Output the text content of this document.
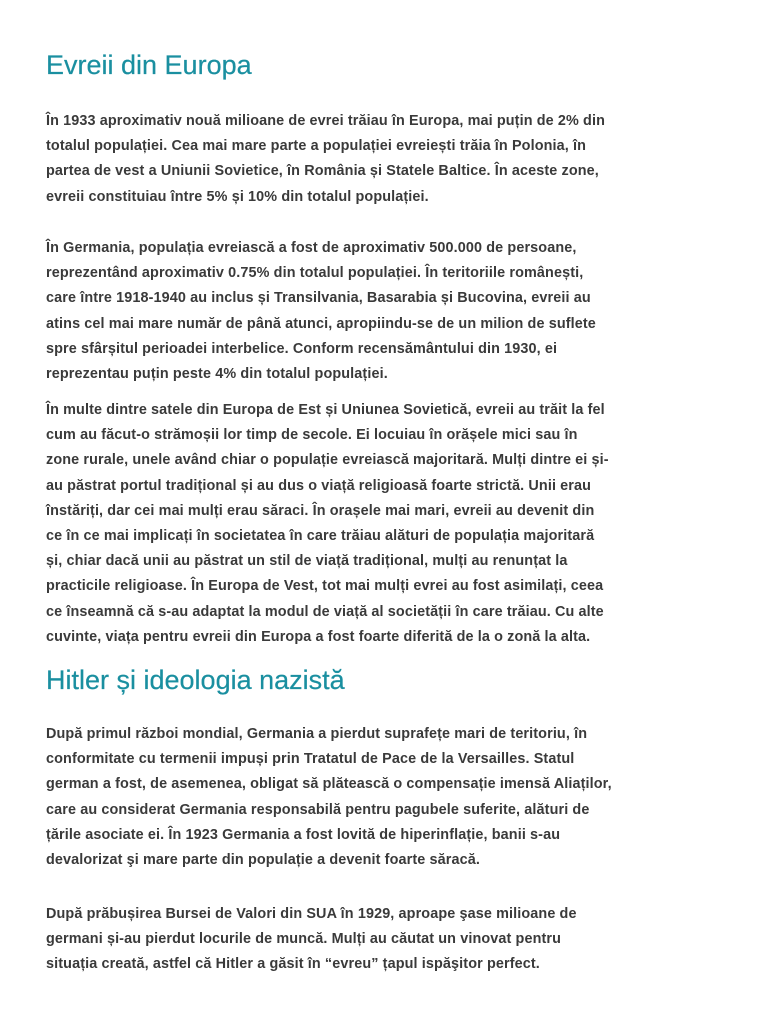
Evreii din Europa

În 1933 aproximativ nouă milioane de evrei trăiau în Europa, mai puțin de 2% din
totalul populației. Cea mai mare parte a populației evreiești trăia în Polonia, în
partea de vest a Uniunii Sovietice, în România și Statele Baltice. În aceste zone,
evreii constituiau între 5% și 10% din totalul populației.

În Germania, populația evreiască a fost de aproximativ 500.000 de persoane,
reprezentând aproximativ 0.75% din totalul populației. În teritoriile românești,
care între 1918-1940 au inclus și Transilvania, Basarabia și Bucovina, evreii au
atins cel mai mare număr de până atunci, apropiindu-se de un milion de suflete
spre sfârșitul perioadei interbelice. Conform recensământului din 1930, ei
reprezentau puțin peste 4% din totalul populației.

În multe dintre satele din Europa de Est și Uniunea Sovietică, evreii au trăit la fel
cum au făcut-o strămoșii lor timp de secole. Ei locuiau în orășele mici sau în
zone rurale, unele având chiar o populație evreiască majoritară. Mulți dintre ei și-
au păstrat portul tradițional și au dus o viață religioasă foarte strictă. Unii erau
înstăriți, dar cei mai mulți erau săraci. În orașele mai mari, evreii au devenit din
ce în ce mai implicați în societatea în care trăiau alături de populația majoritară
și, chiar dacă unii au păstrat un stil de viață tradițional, mulți au renunțat la
practicile religioase. În Europa de Vest, tot mai mulți evrei au fost asimilați, ceea
ce înseamnă că s-au adaptat la modul de viață al societății în care trăiau. Cu alte
cuvinte, viața pentru evreii din Europa a fost foarte diferită de la o zonă la alta.

Hitler și ideologia nazistă

După primul război mondial, Germania a pierdut suprafețe mari de teritoriu, în
conformitate cu termenii impuși prin Tratatul de Pace de la Versailles. Statul
german a fost, de asemenea, obligat să plătească o compensație imensă Aliaților,
care au considerat Germania responsabilă pentru pagubele suferite, alături de
țările asociate ei. În 1923 Germania a fost lovită de hiperinflație, banii s-au
devalorizat şi mare parte din populație a devenit foarte săracă.

După prăbușirea Bursei de Valori din SUA în 1929, aproape şase milioane de
germani și-au pierdut locurile de muncă. Mulți au căutat un vinovat pentru
situația creată, astfel că Hitler a găsit în “evreu” țapul ispăşitor perfect.
